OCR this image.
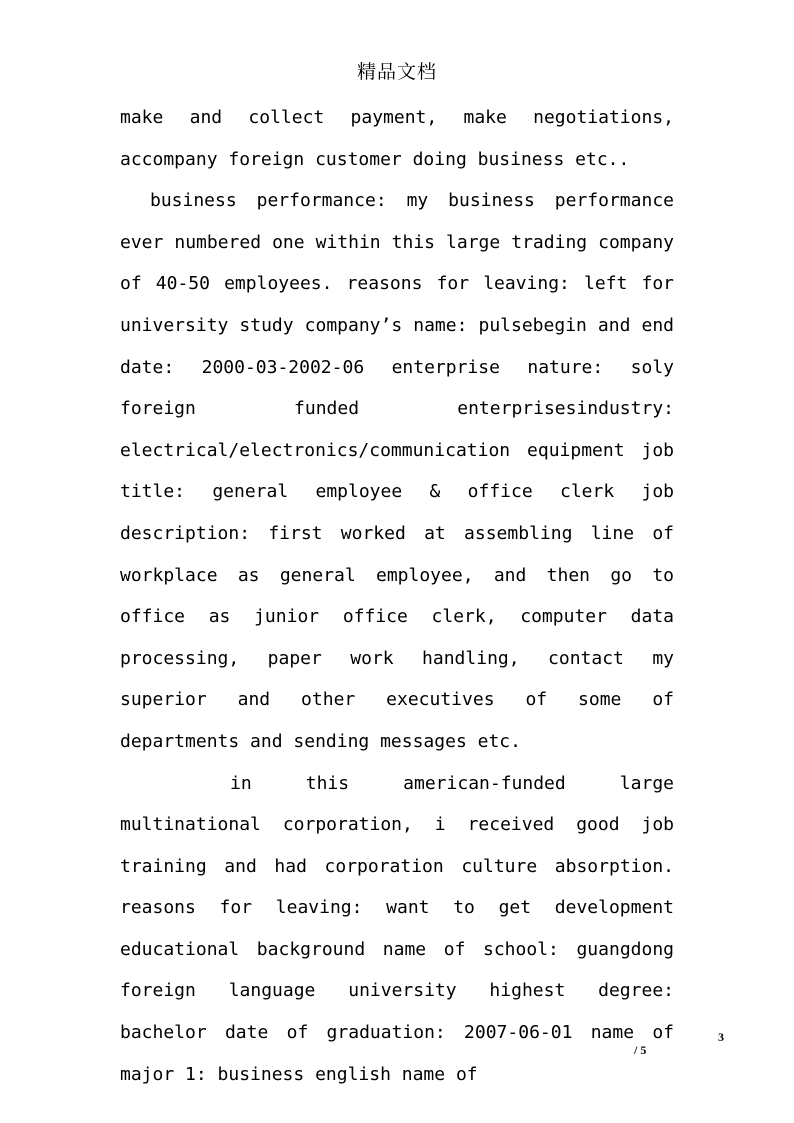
精品文档

make and collect payment, make negotiations, accompany foreign customer doing business etc..

business performance: my business performance ever numbered one within this large trading company of 40-50 employees. reasons for leaving: left for university study company’s name: pulsebegin and end date: 2000-03-2002-06 enterprise nature: soly foreign funded enterprisesindustry: electrical/electronics/communication equipment job title: general employee & office clerk job description: first worked at assembling line of workplace as general employee, and then go to office as junior office clerk, computer data processing, paper work handling, contact my superior and other executives of some of departments and sending messages etc.

in this american-funded large multinational corporation, i received good job training and had corporation culture absorption. reasons for leaving: want to get development educational background name of school: guangdong foreign language university highest degree: bachelor date of graduation: 2007-06-01 name of major 1: business english name of

3
/ 5
